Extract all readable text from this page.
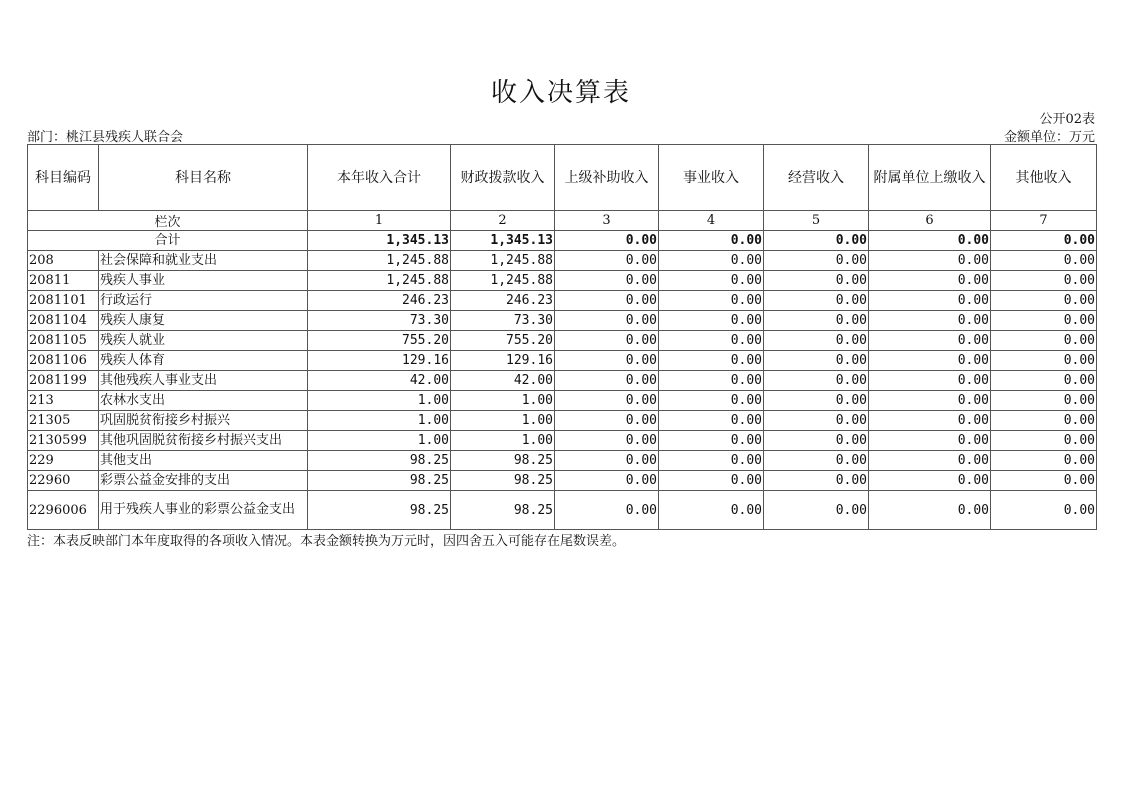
收入决算表
公开02表
部门：桃江县残疾人联合会	金额单位：万元
科目编码	科目名称	本年收入合计	财政拨款收入	上级补助收入	事业收入	经营收入	附属单位上缴收入	其他收入
栏次		1	2	3	4	5	6	7
合计		1,345.13	1,345.13	0.00	0.00	0.00	0.00	0.00
208	社会保障和就业支出	1,245.88	1,245.88	0.00	0.00	0.00	0.00	0.00
20811	残疾人事业	1,245.88	1,245.88	0.00	0.00	0.00	0.00	0.00
2081101	行政运行	246.23	246.23	0.00	0.00	0.00	0.00	0.00
2081104	残疾人康复	73.30	73.30	0.00	0.00	0.00	0.00	0.00
2081105	残疾人就业	755.20	755.20	0.00	0.00	0.00	0.00	0.00
2081106	残疾人体育	129.16	129.16	0.00	0.00	0.00	0.00	0.00
2081199	其他残疾人事业支出	42.00	42.00	0.00	0.00	0.00	0.00	0.00
213	农林水支出	1.00	1.00	0.00	0.00	0.00	0.00	0.00
21305	巩固脱贫衔接乡村振兴	1.00	1.00	0.00	0.00	0.00	0.00	0.00
2130599	其他巩固脱贫衔接乡村振兴支出	1.00	1.00	0.00	0.00	0.00	0.00	0.00
229	其他支出	98.25	98.25	0.00	0.00	0.00	0.00	0.00
22960	彩票公益金安排的支出	98.25	98.25	0.00	0.00	0.00	0.00	0.00
2296006	用于残疾人事业的彩票公益金支出	98.25	98.25	0.00	0.00	0.00	0.00	0.00
注：本表反映部门本年度取得的各项收入情况。本表金额转换为万元时，因四舍五入可能存在尾数误差。
